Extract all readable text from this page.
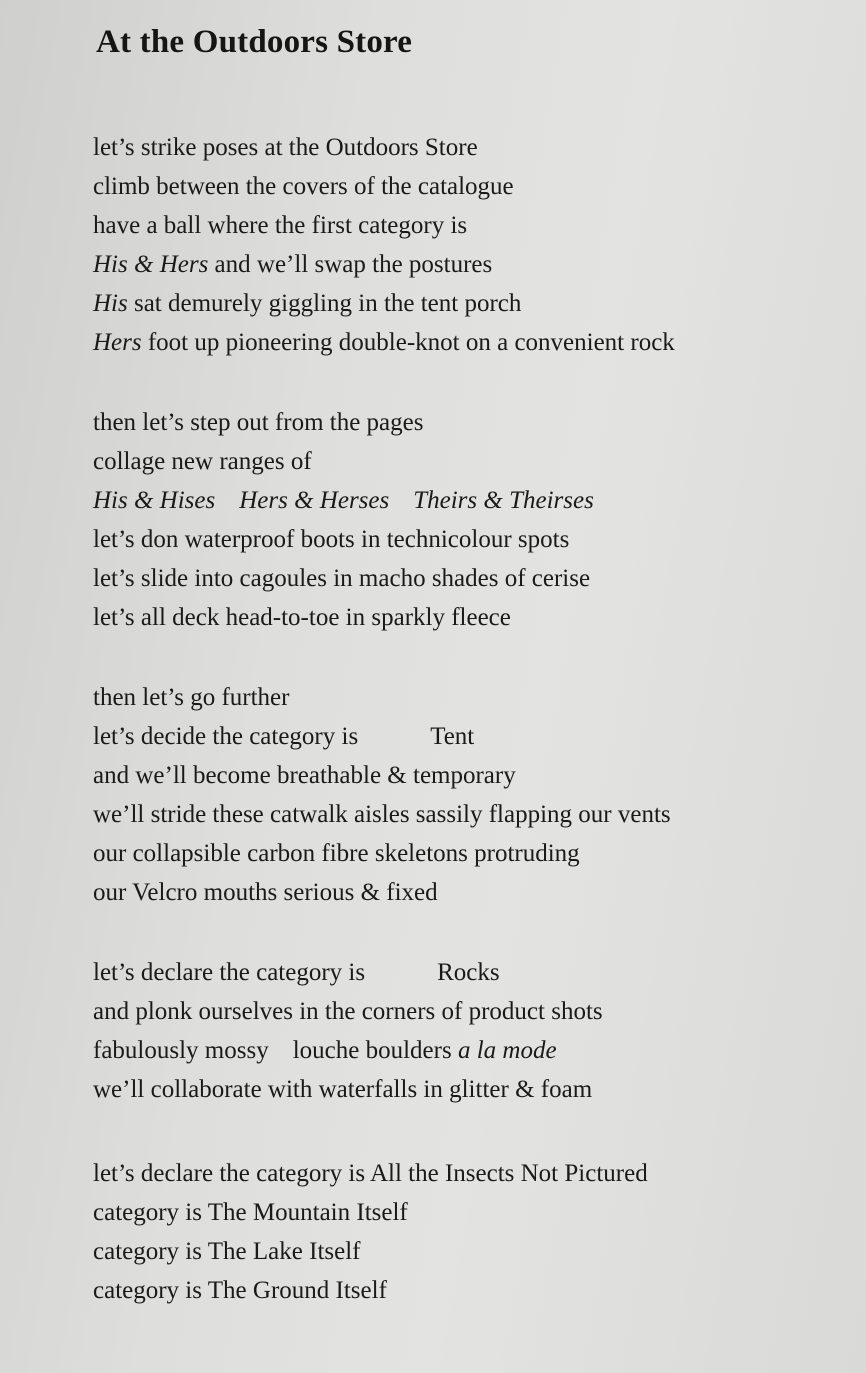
At the Outdoors Store
let’s strike poses at the Outdoors Store
climb between the covers of the catalogue
have a ball where the first category is
His & Hers and we’ll swap the postures
His sat demurely giggling in the tent porch
Hers foot up pioneering double-knot on a convenient rock
then let’s step out from the pages
collage new ranges of
His & Hises Hers & Herses Theirs & Theirses
let’s don waterproof boots in technicolour spots
let’s slide into cagoules in macho shades of cerise
let’s all deck head-to-toe in sparkly fleece
then let’s go further
let’s decide the category is	Tent
and we’ll become breathable & temporary
we’ll stride these catwalk aisles sassily flapping our vents
our collapsible carbon fibre skeletons protruding
our Velcro mouths serious & fixed
let’s declare the category is	Rocks
and plonk ourselves in the corners of product shots
fabulously mossy louche boulders a la mode
we’ll collaborate with waterfalls in glitter & foam
let’s declare the category is All the Insects Not Pictured
category is The Mountain Itself
category is The Lake Itself
category is The Ground Itself
